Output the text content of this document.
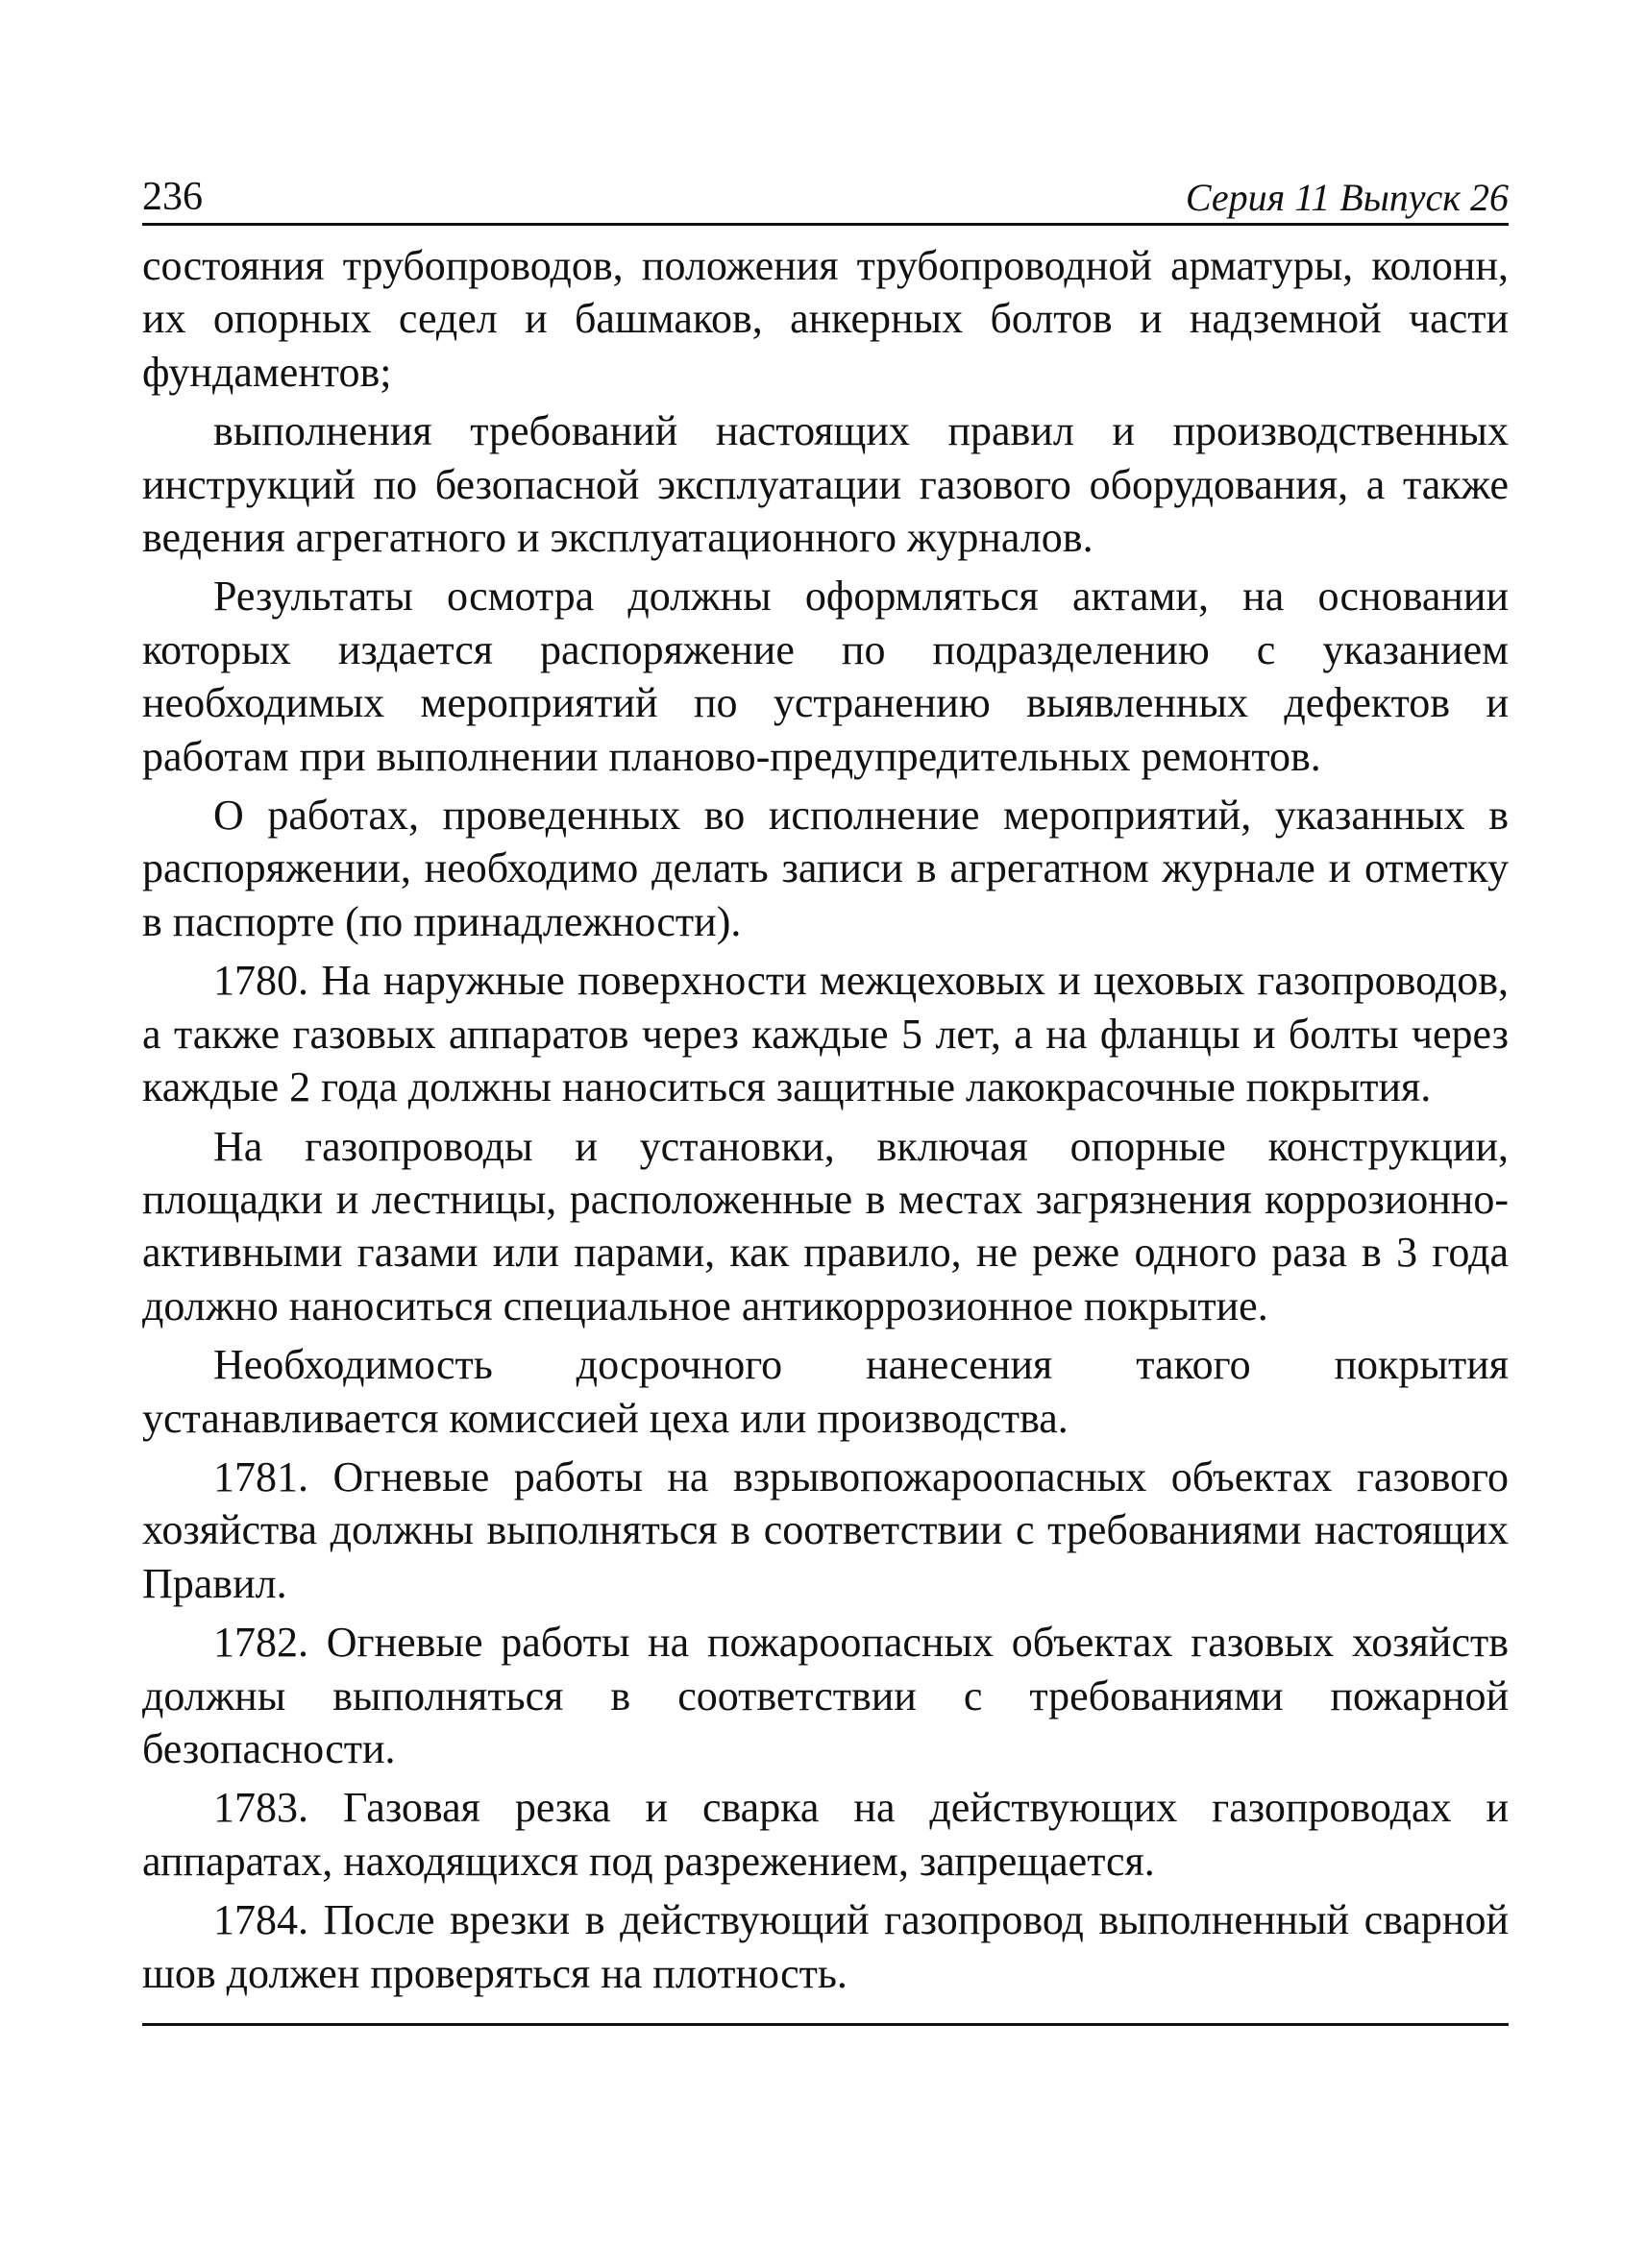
236	Серия 11 Выпуск 26

состояния трубопроводов, положения трубопроводной арматуры, колонн, их опорных седел и башмаков, анкерных болтов и надземной части фундаментов;

выполнения требований настоящих правил и производственных инструкций по безопасной эксплуатации газового оборудования, а также ведения агрегатного и эксплуатационного журналов.

Результаты осмотра должны оформляться актами, на основании которых издается распоряжение по подразделению с указанием необходимых мероприятий по устранению выявленных дефектов и работам при выполнении планово-предупредительных ремонтов.

О работах, проведенных во исполнение мероприятий, указанных в распоряжении, необходимо делать записи в агрегатном журнале и отметку в паспорте (по принадлежности).

1780. На наружные поверхности межцеховых и цеховых газопроводов, а также газовых аппаратов через каждые 5 лет, а на фланцы и болты через каждые 2 года должны наноситься защитные лакокрасочные покрытия.

На газопроводы и установки, включая опорные конструкции, площадки и лестницы, расположенные в местах загрязнения коррозионно-активными газами или парами, как правило, не реже одного раза в 3 года должно наноситься специальное антикоррозионное покрытие.

Необходимость досрочного нанесения такого покрытия устанавливается комиссией цеха или производства.

1781. Огневые работы на взрывопожароопасных объектах газового хозяйства должны выполняться в соответствии с требованиями настоящих Правил.

1782. Огневые работы на пожароопасных объектах газовых хозяйств должны выполняться в соответствии с требованиями пожарной безопасности.

1783. Газовая резка и сварка на действующих газопроводах и аппаратах, находящихся под разрежением, запрещается.

1784. После врезки в действующий газопровод выполненный сварной шов должен проверяться на плотность.
